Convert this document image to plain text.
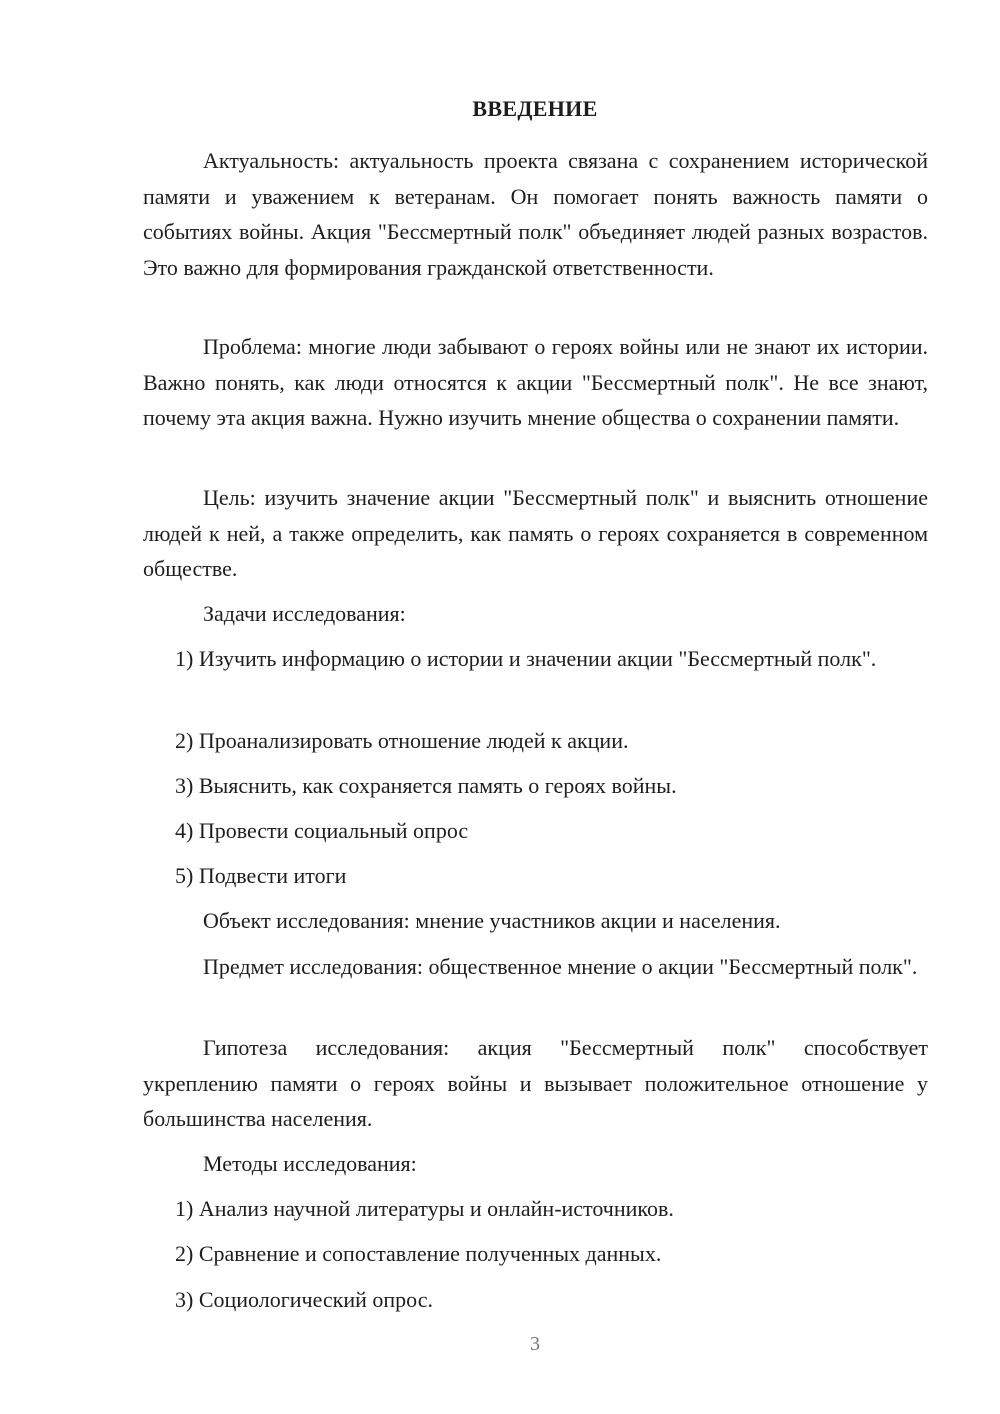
ВВЕДЕНИЕ

Актуальность: актуальность проекта связана с сохранением исторической памяти и уважением к ветеранам. Он помогает понять важность памяти о событиях войны. Акция "Бессмертный полк" объединяет людей разных возрастов. Это важно для формирования гражданской ответственности.

Проблема: многие люди забывают о героях войны или не знают их истории. Важно понять, как люди относятся к акции "Бессмертный полк". Не все знают, почему эта акция важна. Нужно изучить мнение общества о сохранении памяти.

Цель: изучить значение акции "Бессмертный полк" и выяснить отношение людей к ней, а также определить, как память о героях сохраняется в современном обществе.

Задачи исследования:

1) Изучить информацию о истории и значении акции "Бессмертный полк".

2) Проанализировать отношение людей к акции.

3) Выяснить, как сохраняется память о героях войны.

4) Провести социальный опрос

5) Подвести итоги

Объект исследования: мнение участников акции и населения.

Предмет исследования: общественное мнение о акции "Бессмертный полк".

Гипотеза исследования: акция "Бессмертный полк" способствует укреплению памяти о героях войны и вызывает положительное отношение у большинства населения.

Методы исследования:

1) Анализ научной литературы и онлайн-источников.

2) Сравнение и сопоставление полученных данных.

3) Социологический опрос.

3
